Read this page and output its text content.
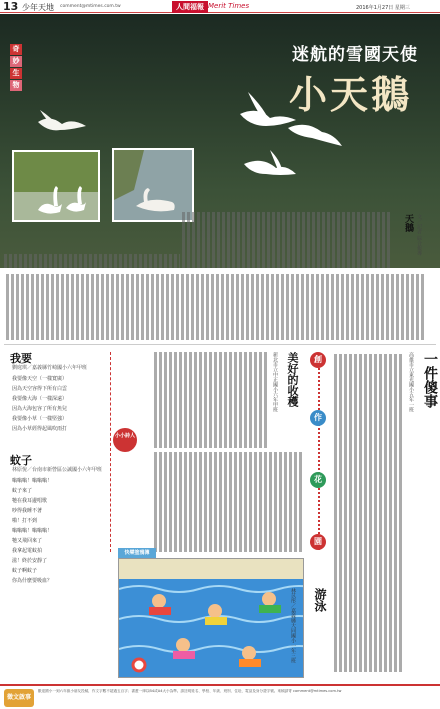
13 少年天地 comment@mtimes.com.tw	人間福報 Merit Times	2016年1月27日 星期三
奇
妙
生
物
迷航的雪國天使
小天鵝
天鵝 文／記者 綜合報導
一件傻事
高雄市立東光國小五年一班
創
作
花
園
美好的收穫
新北市立中正國小六年甲班
我要
劉庭琪／嘉義縣竹崎國小六年甲班
我要像天空（一樣寬廣）
因為天空容得下所有白雲
我要像大海（一樣深遠）
因為大海包容了所有魚兒
我要像小草（一樣堅強）
因為小草經得起風吹雨打
小小詩人
蚊子
林原悅／台南市新營區公誠國小六年甲班
嗡嗡嗡！嗡嗡嗡！
蚊子來了
牠在我耳邊唱歌
吵得我睡不著
啪！打不到
嗡嗡嗡！嗡嗡嗡！
牠又飛回來了
我拿起電蚊拍
滋！終於安靜了
蚊子啊蚊子
你為什麼要吸血？
快樂塗鴉簿
游泳
林苡彤／嘉義縣大同國小一年三班
徵文啟事
歡迎國小一到六年級小朋友投稿，作文字數不超過五百字；書畫一律以B4或A4大小為準。請註明姓名、學校、年級、班別、住址、電話及身分證字號。來稿請寄 comment@mtimes.com.tw
